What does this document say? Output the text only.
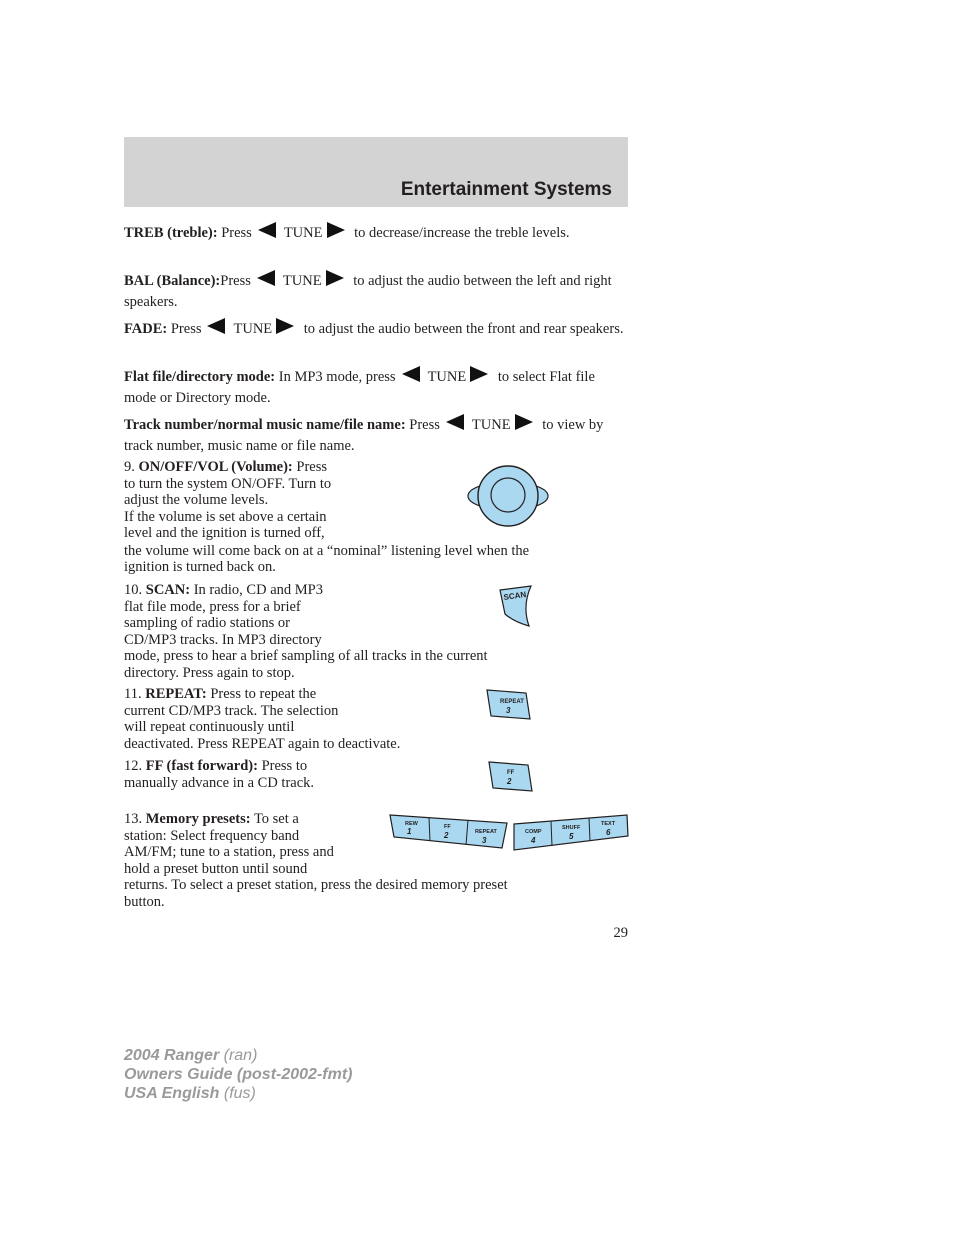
Entertainment Systems
TREB (treble): Press TUNE to decrease/increase the treble levels.
BAL (Balance):Press TUNE to adjust the audio between the left and right speakers.
FADE: Press TUNE to adjust the audio between the front and rear speakers.
Flat file/directory mode: In MP3 mode, press TUNE to select Flat file mode or Directory mode.
Track number/normal music name/file name: Press TUNE to view by track number, music name or file name.
9. ON/OFF/VOL (Volume): Press
to turn the system ON/OFF. Turn to
adjust the volume levels.
If the volume is set above a certain
level and the ignition is turned off,
the volume will come back on at a “nominal” listening level when the
ignition is turned back on.
10. SCAN: In radio, CD and MP3
flat file mode, press for a brief
sampling of radio stations or
CD/MP3 tracks. In MP3 directory
mode, press to hear a brief sampling of all tracks in the current
directory. Press again to stop.
SCAN
11. REPEAT: Press to repeat the
current CD/MP3 track. The selection
will repeat continuously until
deactivated. Press REPEAT again to deactivate.
REPEAT
3
12. FF (fast forward): Press to
manually advance in a CD track.
FF
2
13. Memory presets: To set a
station: Select frequency band
AM/FM; tune to a station, press and
hold a preset button until sound
returns. To select a preset station, press the desired memory preset
button.
REW
1	FF
2	REPEAT
3
COMP
4
SHUFF
5
TEXT
6
29
2004 Ranger (ran)
Owners Guide (post-2002-fmt)
USA English (fus)
